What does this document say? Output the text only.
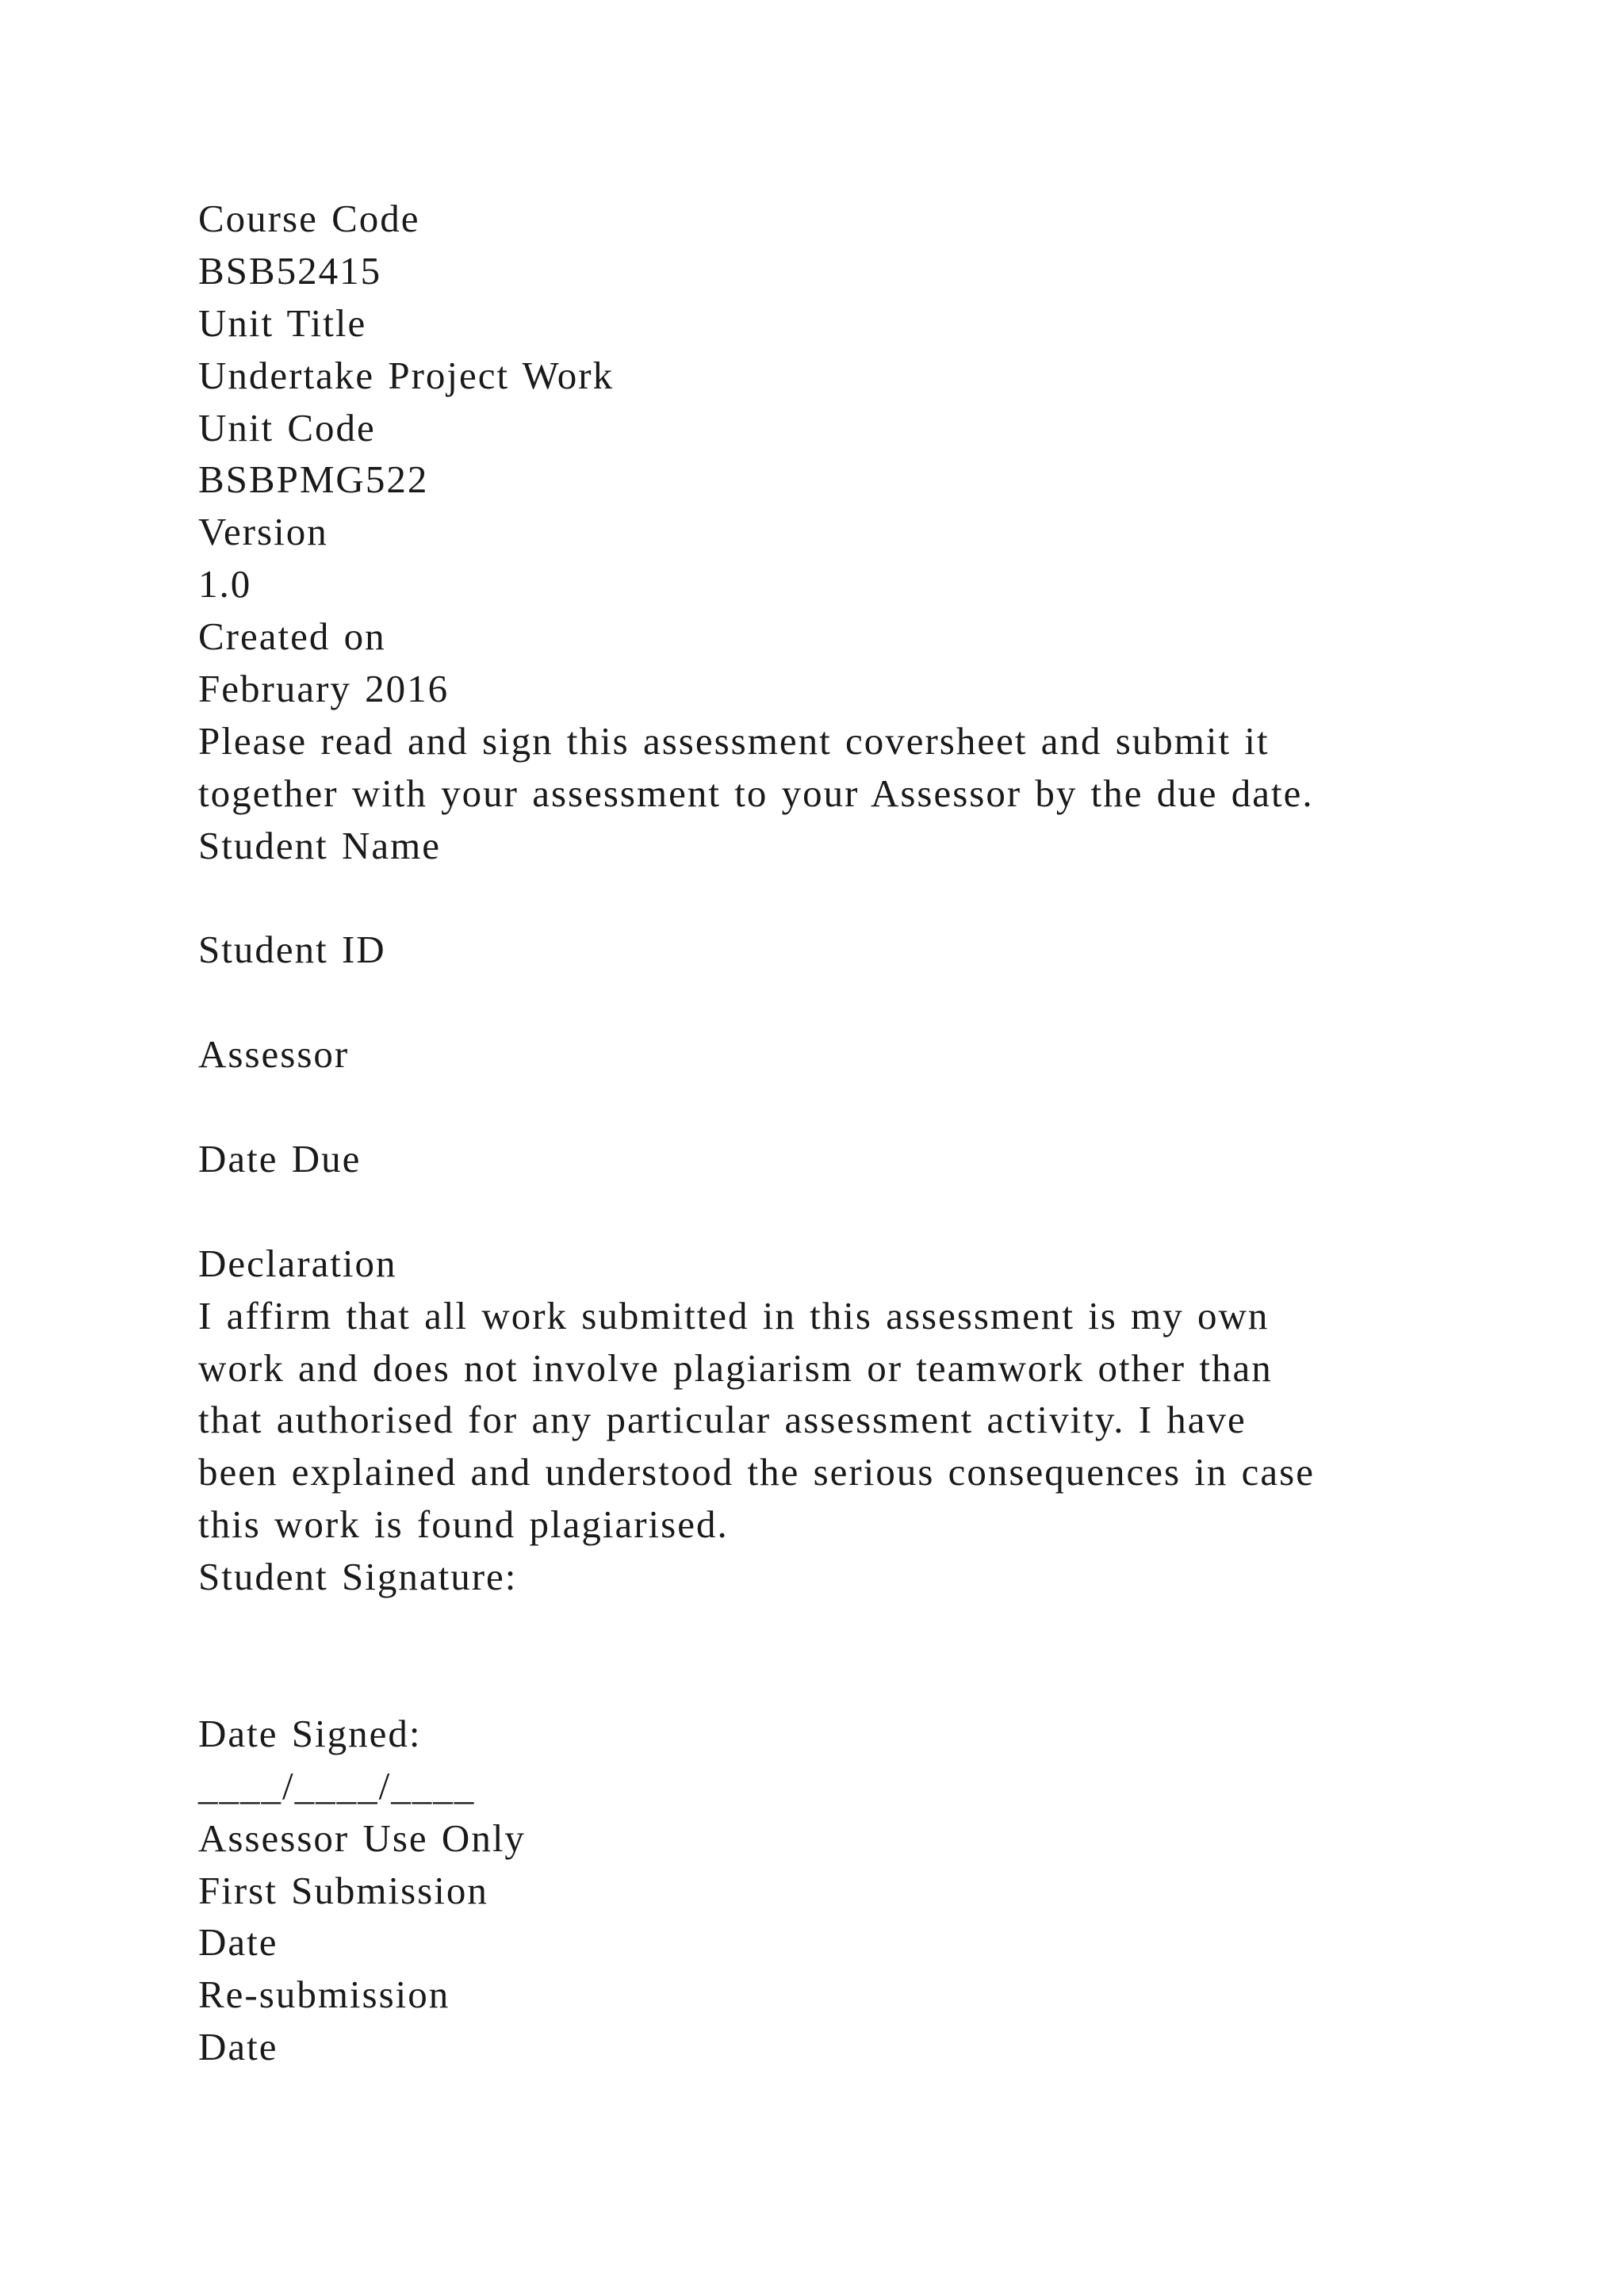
Course Code
BSB52415
Unit Title
Undertake Project Work
Unit Code
BSBPMG522
Version
1.0
Created on
February 2016
Please read and sign this assessment coversheet and submit it
together with your assessment to your Assessor by the due date.
Student Name
Student ID
Assessor
Date Due
Declaration
I affirm that all work submitted in this assessment is my own
work and does not involve plagiarism or teamwork other than
that authorised for any particular assessment activity. I have
been explained and understood the serious consequences in case
this work is found plagiarised.
Student Signature:
Date Signed:
____/____/____
Assessor Use Only
First Submission
Date
Re-submission
Date
